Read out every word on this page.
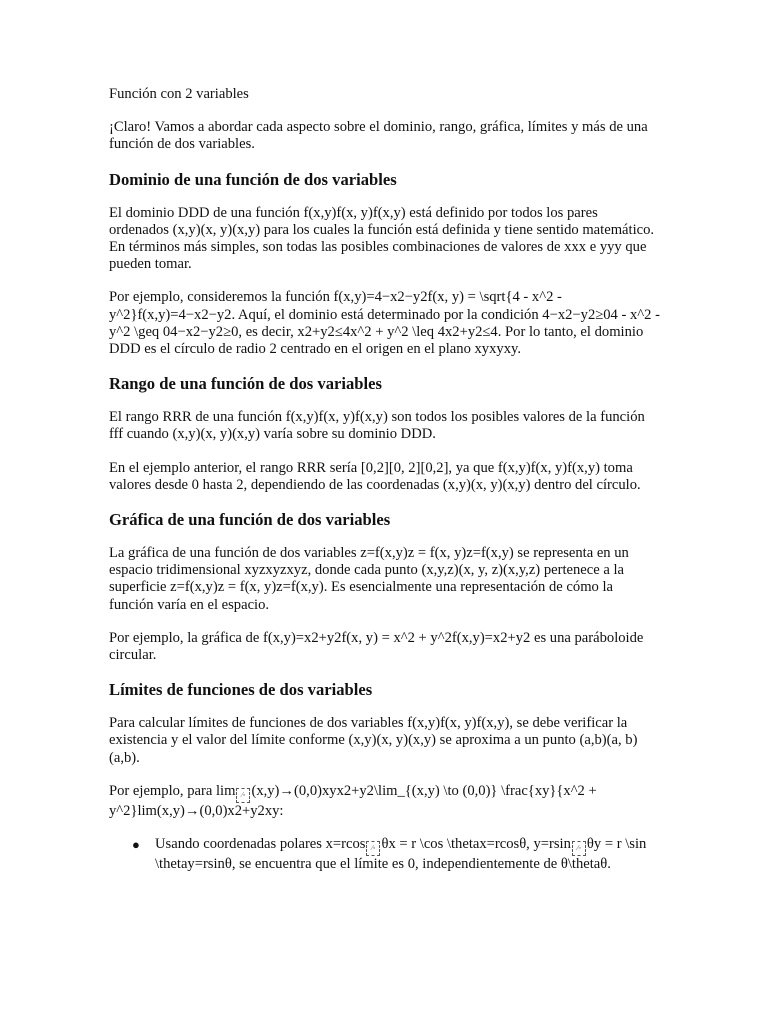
Función con 2 variables

¡Claro! Vamos a abordar cada aspecto sobre el dominio, rango, gráfica, límites y más de una función de dos variables.

Dominio de una función de dos variables

El dominio DDD de una función f(x,y)f(x, y)f(x,y) está definido por todos los pares ordenados (x,y)(x, y)(x,y) para los cuales la función está definida y tiene sentido matemático. En términos más simples, son todas las posibles combinaciones de valores de xxx e yyy que pueden tomar.

Por ejemplo, consideremos la función f(x,y)=4−x2−y2f(x, y) = \sqrt{4 - x^2 - y^2}f(x,y)=4−x2−y2. Aquí, el dominio está determinado por la condición 4−x2−y2≥04 - x^2 - y^2 \geq 04−x2−y2≥0, es decir, x2+y2≤4x^2 + y^2 \leq 4x2+y2≤4. Por lo tanto, el dominio DDD es el círculo de radio 2 centrado en el origen en el plano xyxyxy.

Rango de una función de dos variables

El rango RRR de una función f(x,y)f(x, y)f(x,y) son todos los posibles valores de la función fff cuando (x,y)(x, y)(x,y) varía sobre su dominio DDD.

En el ejemplo anterior, el rango RRR sería [0,2][0, 2][0,2], ya que f(x,y)f(x, y)f(x,y) toma valores desde 0 hasta 2, dependiendo de las coordenadas (x,y)(x, y)(x,y) dentro del círculo.

Gráfica de una función de dos variables

La gráfica de una función de dos variables z=f(x,y)z = f(x, y)z=f(x,y) se representa en un espacio tridimensional xyzxyzxyz, donde cada punto (x,y,z)(x, y, z)(x,y,z) pertenece a la superficie z=f(x,y)z = f(x, y)z=f(x,y). Es esencialmente una representación de cómo la función varía en el espacio.

Por ejemplo, la gráfica de f(x,y)=x2+y2f(x, y) = x^2 + y^2f(x,y)=x2+y2 es una paráboloide circular.

Límites de funciones de dos variables

Para calcular límites de funciones de dos variables f(x,y)f(x, y)f(x,y), se debe verificar la existencia y el valor del límite conforme (x,y)(x, y)(x,y) se aproxima a un punto (a,b)(a, b)(a,b).

Por ejemplo, para lim ⁄◦ (x,y)→(0,0)xyx2+y2\lim_{(x,y) \to (0,0)} \frac{xy}{x^2 + y^2}lim(x,y)→(0,0)x2+y2xy:

● Usando coordenadas polares x=rcos ⁄◦ θx = r \cos \thetax=rcosθ, y=rsin ⁄◦ θy = r \sin \thetay=rsinθ, se encuentra que el límite es 0, independientemente de θ\thetaθ.
